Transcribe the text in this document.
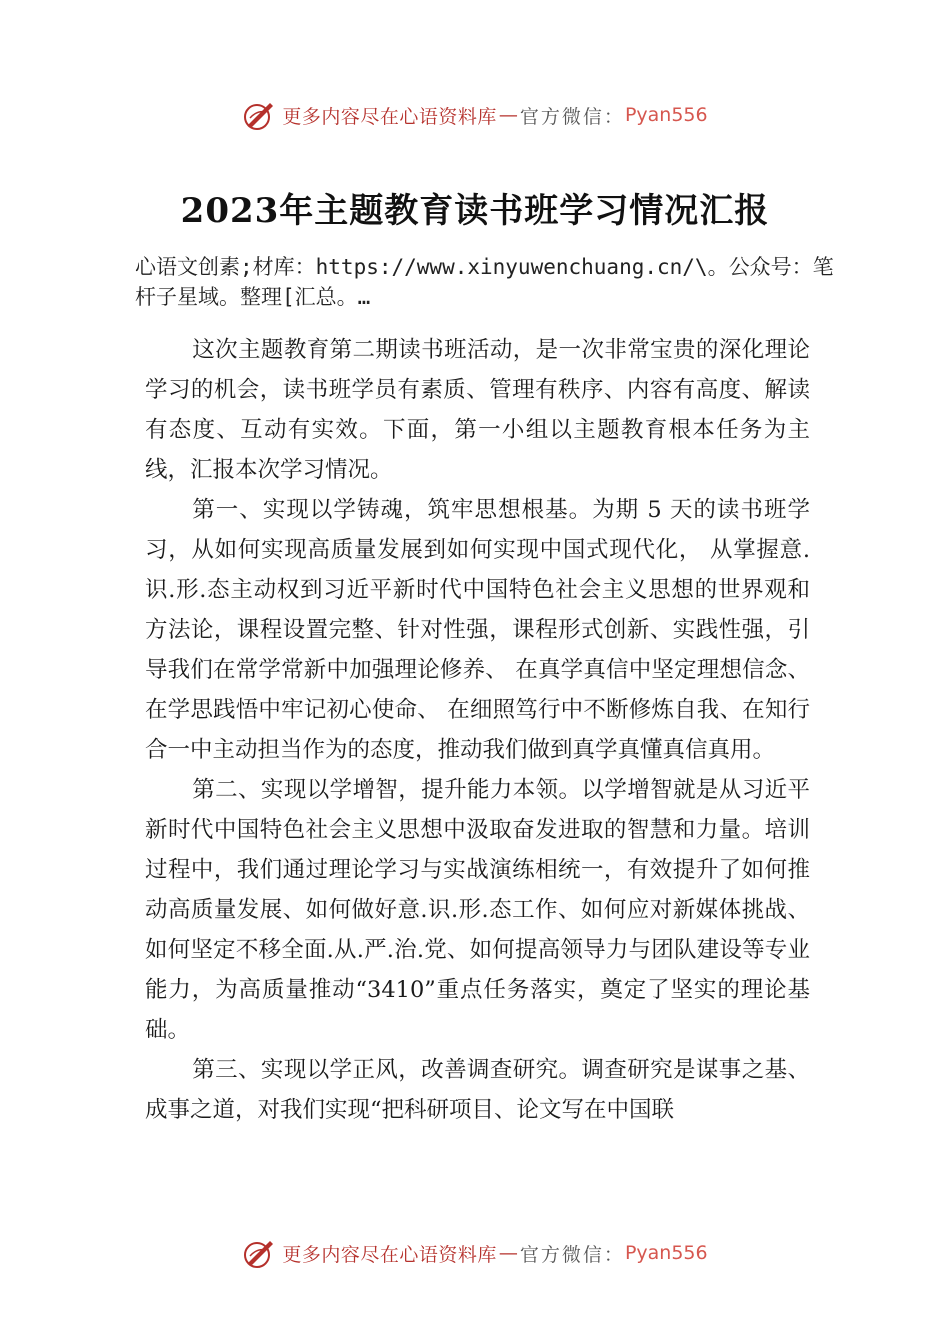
更多内容尽在心语资料库 — 官方微信： Pyan556
2023年主题教育读书班学习情况汇报
心语文创素;材库：https://www.xinyuwenchuang.cn/\。公众号：笔杆子星域。整理[汇总。…

这次主题教育第二期读书班活动，是一次非常宝贵的深化理论学习的机会，读书班学员有素质、管理有秩序、内容有高度、解读有态度、互动有实效。下面，第一小组以主题教育根本任务为主线，汇报本次学习情况。

第一、实现以学铸魂，筑牢思想根基。为期 5 天的读书班学习，从如何实现高质量发展到如何实现中国式现代化， 从掌握意.识.形.态主动权到习近平新时代中国特色社会主义思想的世界观和方法论，课程设置完整、针对性强，课程形式创新、实践性强，引导我们在常学常新中加强理论修养、 在真学真信中坚定理想信念、在学思践悟中牢记初心使命、 在细照笃行中不断修炼自我、在知行合一中主动担当作为的态度，推动我们做到真学真懂真信真用。

第二、实现以学增智，提升能力本领。以学增智就是从习近平新时代中国特色社会主义思想中汲取奋发进取的智慧和力量。培训过程中，我们通过理论学习与实战演练相统一，有效提升了如何推动高质量发展、如何做好意.识.形.态工作、如何应对新媒体挑战、如何坚定不移全面.从.严.治.党、如何提高领导力与团队建设等专业能力，为高质量推动“3410”重点任务落实，奠定了坚实的理论基础。

第三、实现以学正风，改善调查研究。调查研究是谋事之基、成事之道，对我们实现“把科研项目、论文写在中国联

更多内容尽在心语资料库 — 官方微信： Pyan556
